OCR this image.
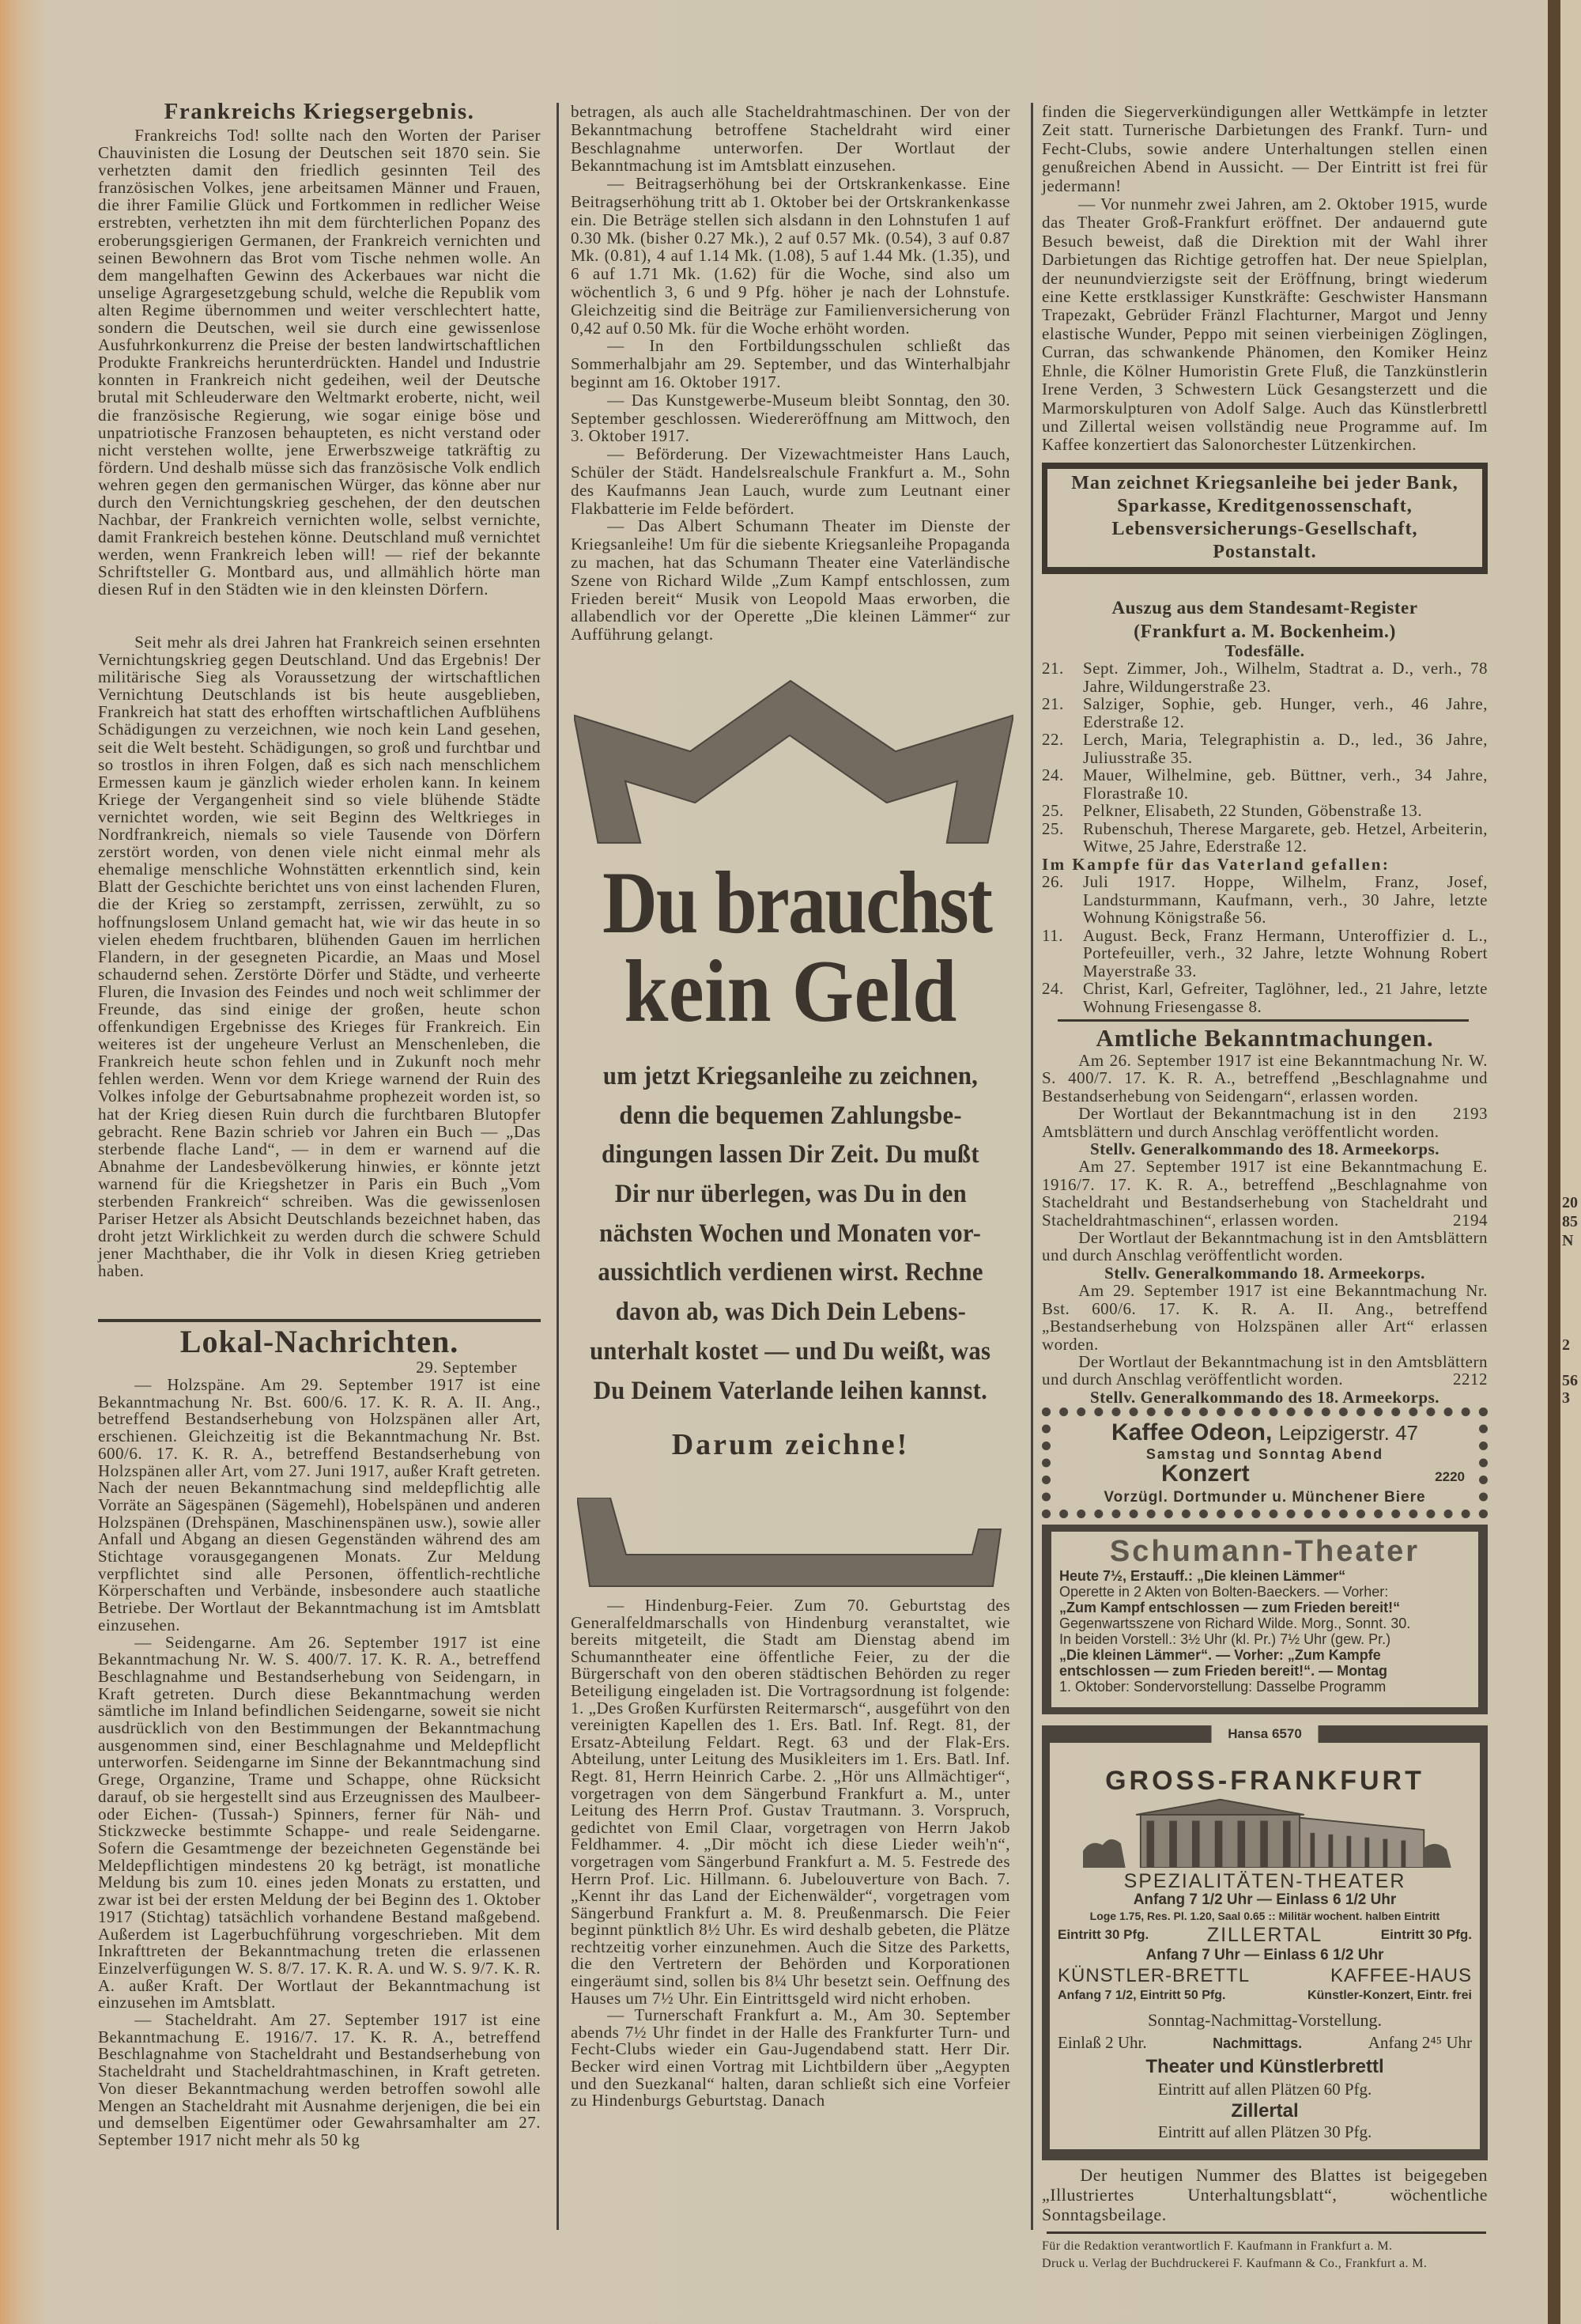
20
85
N
2
56
3
Frankreichs Kriegsergebnis.

Frankreichs Tod! sollte nach den Worten der Pariser Chauvinisten die Losung der Deutschen seit 1870 sein. Sie verhetzten damit den friedlich gesinnten Teil des französischen Volkes, jene arbeitsamen Männer und Frauen, die ihrer Familie Glück und Fortkommen in redlicher Weise erstrebten, verhetzten ihn mit dem fürchterlichen Popanz des eroberungsgierigen Germanen, der Frankreich vernichten und seinen Bewohnern das Brot vom Tische nehmen wolle. An dem mangelhaften Gewinn des Ackerbaues war nicht die unselige Agrargesetzgebung schuld, welche die Republik vom alten Regime übernommen und weiter verschlechtert hatte, sondern die Deutschen, weil sie durch eine gewissenlose Ausfuhrkonkurrenz die Preise der besten landwirtschaftlichen Produkte Frankreichs herunterdrückten. Handel und Industrie konnten in Frankreich nicht gedeihen, weil der Deutsche brutal mit Schleuderware den Weltmarkt eroberte, nicht, weil die französische Regierung, wie sogar einige böse und unpatriotische Franzosen behaupteten, es nicht verstand oder nicht verstehen wollte, jene Erwerbszweige tatkräftig zu fördern. Und deshalb müsse sich das französische Volk endlich wehren gegen den germanischen Würger, das könne aber nur durch den Vernichtungskrieg geschehen, der den deutschen Nachbar, der Frankreich vernichten wolle, selbst vernichte, damit Frankreich bestehen könne. Deutschland muß vernichtet werden, wenn Frankreich leben will! — rief der bekannte Schriftsteller G. Montbard aus, und allmählich hörte man diesen Ruf in den Städten wie in den kleinsten Dörfern.

Seit mehr als drei Jahren hat Frankreich seinen ersehnten Vernichtungskrieg gegen Deutschland. Und das Ergebnis! Der militärische Sieg als Voraussetzung der wirtschaftlichen Vernichtung Deutschlands ist bis heute ausgeblieben, Frankreich hat statt des erhofften wirtschaftlichen Aufblühens Schädigungen zu verzeichnen, wie noch kein Land gesehen, seit die Welt besteht. Schädigungen, so groß und furchtbar und so trostlos in ihren Folgen, daß es sich nach menschlichem Ermessen kaum je gänzlich wieder erholen kann. In keinem Kriege der Vergangenheit sind so viele blühende Städte vernichtet worden, wie seit Beginn des Weltkrieges in Nordfrankreich, niemals so viele Tausende von Dörfern zerstört worden, von denen viele nicht einmal mehr als ehemalige menschliche Wohnstätten erkenntlich sind, kein Blatt der Geschichte berichtet uns von einst lachenden Fluren, die der Krieg so zerstampft, zerrissen, zerwühlt, zu so hoffnungslosem Unland gemacht hat, wie wir das heute in so vielen ehedem fruchtbaren, blühenden Gauen im herrlichen Flandern, in der gesegneten Picardie, an Maas und Mosel schaudernd sehen. Zerstörte Dörfer und Städte, und verheerte Fluren, die Invasion des Feindes und noch weit schlimmer der Freunde, das sind einige der großen, heute schon offenkundigen Ergebnisse des Krieges für Frankreich. Ein weiteres ist der ungeheure Verlust an Menschenleben, die Frankreich heute schon fehlen und in Zukunft noch mehr fehlen werden. Wenn vor dem Kriege warnend der Ruin des Volkes infolge der Geburtsabnahme prophezeit worden ist, so hat der Krieg diesen Ruin durch die furchtbaren Blutopfer gebracht. Rene Bazin schrieb vor Jahren ein Buch — „Das sterbende flache Land“, — in dem er warnend auf die Abnahme der Landesbevölkerung hinwies, er könnte jetzt warnend für die Kriegshetzer in Paris ein Buch „Vom sterbenden Frankreich“ schreiben. Was die gewissenlosen Pariser Hetzer als Absicht Deutschlands bezeichnet haben, das droht jetzt Wirklichkeit zu werden durch die schwere Schuld jener Machthaber, die ihr Volk in diesen Krieg getrieben haben.

Lokal-Nachrichten.
29. September

— Holzspäne. Am 29. September 1917 ist eine Bekanntmachung Nr. Bst. 600/6. 17. K. R. A. II. Ang., betreffend Bestandserhebung von Holzspänen aller Art, erschienen. Gleichzeitig ist die Bekanntmachung Nr. Bst. 600/6. 17. K. R. A., betreffend Bestandserhebung von Holzspänen aller Art, vom 27. Juni 1917, außer Kraft getreten. Nach der neuen Bekanntmachung sind meldepflichtig alle Vorräte an Sägespänen (Sägemehl), Hobelspänen und anderen Holzspänen (Drehspänen, Maschinenspänen usw.), sowie aller Anfall und Abgang an diesen Gegenständen während des am Stichtage vorausgegangenen Monats. Zur Meldung verpflichtet sind alle Personen, öffentlich-rechtliche Körperschaften und Verbände, insbesondere auch staatliche Betriebe. Der Wortlaut der Bekanntmachung ist im Amtsblatt einzusehen.

— Seidengarne. Am 26. September 1917 ist eine Bekanntmachung Nr. W. S. 400/7. 17. K. R. A., betreffend Beschlagnahme und Bestandserhebung von Seidengarn, in Kraft getreten. Durch diese Bekanntmachung werden sämtliche im Inland befindlichen Seidengarne, soweit sie nicht ausdrücklich von den Bestimmungen der Bekanntmachung ausgenommen sind, einer Beschlagnahme und Meldepflicht unterworfen. Seidengarne im Sinne der Bekanntmachung sind Grege, Organzine, Trame und Schappe, ohne Rücksicht darauf, ob sie hergestellt sind aus Erzeugnissen des Maulbeer- oder Eichen- (Tussah-) Spinners, ferner für Näh- und Stickzwecke bestimmte Schappe- und reale Seidengarne. Sofern die Gesamtmenge der bezeichneten Gegenstände bei Meldepflichtigen mindestens 20 kg beträgt, ist monatliche Meldung bis zum 10. eines jeden Monats zu erstatten, und zwar ist bei der ersten Meldung der bei Beginn des 1. Oktober 1917 (Stichtag) tatsächlich vorhandene Bestand maßgebend. Außerdem ist Lagerbuchführung vorgeschrieben. Mit dem Inkrafttreten der Bekanntmachung treten die erlassenen Einzelverfügungen W. S. 8/7. 17. K. R. A. und W. S. 9/7. K. R. A. außer Kraft. Der Wortlaut der Bekanntmachung ist einzusehen im Amtsblatt.

— Stacheldraht. Am 27. September 1917 ist eine Bekanntmachung E. 1916/7. 17. K. R. A., betreffend Beschlagnahme von Stacheldraht und Bestandserhebung von Stacheldraht und Stacheldrahtmaschinen, in Kraft getreten. Von dieser Bekanntmachung werden betroffen sowohl alle Mengen an Stacheldraht mit Ausnahme derjenigen, die bei ein und demselben Eigentümer oder Gewahrsamhalter am 27. September 1917 nicht mehr als 50 kg

betragen, als auch alle Stacheldrahtmaschinen. Der von der Bekanntmachung betroffene Stacheldraht wird einer Beschlagnahme unterworfen. Der Wortlaut der Bekanntmachung ist im Amtsblatt einzusehen.

— Beitragserhöhung bei der Ortskrankenkasse. Eine Beitragserhöhung tritt ab 1. Oktober bei der Ortskrankenkasse ein. Die Beträge stellen sich alsdann in den Lohnstufen 1 auf 0.30 Mk. (bisher 0.27 Mk.), 2 auf 0.57 Mk. (0.54), 3 auf 0.87 Mk. (0.81), 4 auf 1.14 Mk. (1.08), 5 auf 1.44 Mk. (1.35), und 6 auf 1.71 Mk. (1.62) für die Woche, sind also um wöchentlich 3, 6 und 9 Pfg. höher je nach der Lohnstufe. Gleichzeitig sind die Beiträge zur Familienversicherung von 0,42 auf 0.50 Mk. für die Woche erhöht worden.

— In den Fortbildungsschulen schließt das Sommerhalbjahr am 29. September, und das Winterhalbjahr beginnt am 16. Oktober 1917.

— Das Kunstgewerbe-Museum bleibt Sonntag, den 30. September geschlossen. Wiedereröffnung am Mittwoch, den 3. Oktober 1917.

— Beförderung. Der Vizewachtmeister Hans Lauch, Schüler der Städt. Handelsrealschule Frankfurt a. M., Sohn des Kaufmanns Jean Lauch, wurde zum Leutnant einer Flakbatterie im Felde befördert.

— Das Albert Schumann Theater im Dienste der Kriegsanleihe! Um für die siebente Kriegsanleihe Propaganda zu machen, hat das Schumann Theater eine Vaterländische Szene von Richard Wilde „Zum Kampf entschlossen, zum Frieden bereit“ Musik von Leopold Maas erworben, die allabendlich vor der Operette „Die kleinen Lämmer“ zur Aufführung gelangt.

Du brauchst
kein Geld
um jetzt Kriegsanleihe zu zeichnen,
denn die bequemen Zahlungsbe-
dingungen lassen Dir Zeit. Du mußt
Dir nur überlegen, was Du in den
nächsten Wochen und Monaten vor-
aussichtlich verdienen wirst. Rechne
davon ab, was Dich Dein Lebens-
unterhalt kostet — und Du weißt, was
Du Deinem Vaterlande leihen kannst.
Darum zeichne!

— Hindenburg-Feier. Zum 70. Geburtstag des Generalfeldmarschalls von Hindenburg veranstaltet, wie bereits mitgeteilt, die Stadt am Dienstag abend im Schumanntheater eine öffentliche Feier, zu der die Bürgerschaft von den oberen städtischen Behörden zu reger Beteiligung eingeladen ist. Die Vortragsordnung ist folgende: 1. „Des Großen Kurfürsten Reitermarsch“, ausgeführt von den vereinigten Kapellen des 1. Ers. Batl. Inf. Regt. 81, der Ersatz-Abteilung Feldart. Regt. 63 und der Flak-Ers. Abteilung, unter Leitung des Musikleiters im 1. Ers. Batl. Inf. Regt. 81, Herrn Heinrich Carbe. 2. „Hör uns Allmächtiger“, vorgetragen von dem Sängerbund Frankfurt a. M., unter Leitung des Herrn Prof. Gustav Trautmann. 3. Vorspruch, gedichtet von Emil Claar, vorgetragen von Herrn Jakob Feldhammer. 4. „Dir möcht ich diese Lieder weih'n“, vorgetragen vom Sängerbund Frankfurt a. M. 5. Festrede des Herrn Prof. Lic. Hillmann. 6. Jubelouverture von Bach. 7. „Kennt ihr das Land der Eichenwälder“, vorgetragen vom Sängerbund Frankfurt a. M. 8. Preußenmarsch. Die Feier beginnt pünktlich 8½ Uhr. Es wird deshalb gebeten, die Plätze rechtzeitig vorher einzunehmen. Auch die Sitze des Parketts, die den Vertretern der Behörden und Korporationen eingeräumt sind, sollen bis 8¼ Uhr besetzt sein. Oeffnung des Hauses um 7½ Uhr. Ein Eintrittsgeld wird nicht erhoben.

— Turnerschaft Frankfurt a. M., Am 30. September abends 7½ Uhr findet in der Halle des Frankfurter Turn- und Fecht-Clubs wieder ein Gau-Jugendabend statt. Herr Dir. Becker wird einen Vortrag mit Lichtbildern über „Aegypten und den Suezkanal“ halten, daran schließt sich eine Vorfeier zu Hindenburgs Geburtstag. Danach

finden die Siegerverkündigungen aller Wettkämpfe in letzter Zeit statt. Turnerische Darbietungen des Frankf. Turn- und Fecht-Clubs, sowie andere Unterhaltungen stellen einen genußreichen Abend in Aussicht. — Der Eintritt ist frei für jedermann!

— Vor nunmehr zwei Jahren, am 2. Oktober 1915, wurde das Theater Groß-Frankfurt eröffnet. Der andauernd gute Besuch beweist, daß die Direktion mit der Wahl ihrer Darbietungen das Richtige getroffen hat. Der neue Spielplan, der neunundvierzigste seit der Eröffnung, bringt wiederum eine Kette erstklassiger Kunstkräfte: Geschwister Hansmann Trapezakt, Gebrüder Fränzl Flachturner, Margot und Jenny elastische Wunder, Peppo mit seinen vierbeinigen Zöglingen, Curran, das schwankende Phänomen, den Komiker Heinz Ehnle, die Kölner Humoristin Grete Fluß, die Tanzkünstlerin Irene Verden, 3 Schwestern Lück Gesangsterzett und die Marmorskulpturen von Adolf Salge. Auch das Künstlerbrettl und Zillertal weisen vollständig neue Programme auf. Im Kaffee konzertiert das Salonorchester Lützenkirchen.

Man zeichnet Kriegsanleihe bei jeder Bank, Sparkasse, Kreditgenossenschaft, Lebensversicherungs-Gesellschaft, Postanstalt.
Auszug aus dem Standesamt-Register
(Frankfurt a. M. Bockenheim.)
Todesfälle.
21.	Sept. Zimmer, Joh., Wilhelm, Stadtrat a. D., verh., 78 Jahre, Wildungerstraße 23.
21.	Salziger, Sophie, geb. Hunger, verh., 46 Jahre, Ederstraße 12.
22.	Lerch, Maria, Telegraphistin a. D., led., 36 Jahre, Juliusstraße 35.
24.	Mauer, Wilhelmine, geb. Büttner, verh., 34 Jahre, Florastraße 10.
25.	Pelkner, Elisabeth, 22 Stunden, Göbenstraße 13.
25.	Rubenschuh, Therese Margarete, geb. Hetzel, Arbeiterin, Witwe, 25 Jahre, Ederstraße 12.
Im Kampfe für das Vaterland gefallen:
26.	Juli 1917. Hoppe, Wilhelm, Franz, Josef, Landsturmmann, Kaufmann, verh., 30 Jahre, letzte Wohnung Königstraße 56.
11.	August. Beck, Franz Hermann, Unteroffizier d. L., Portefeuiller, verh., 32 Jahre, letzte Wohnung Robert Mayerstraße 33.
24.	Christ, Karl, Gefreiter, Taglöhner, led., 21 Jahre, letzte Wohnung Friesengasse 8.
Amtliche Bekanntmachungen.

Am 26. September 1917 ist eine Bekanntmachung Nr. W. S. 400/7. 17. K. R. A., betreffend „Beschlagnahme und Bestandserhebung von Seidengarn“, erlassen worden.
2193

Der Wortlaut der Bekanntmachung ist in den Amtsblättern und durch Anschlag veröffentlicht worden.

Stellv. Generalkommando des 18. Armeekorps.

Am 27. September 1917 ist eine Bekanntmachung E. 1916/7. 17. K. R. A., betreffend „Beschlagnahme von Stacheldraht und Bestandserhebung von Stacheldraht und Stacheldrahtmaschinen“, erlassen worden.	2194

Der Wortlaut der Bekanntmachung ist in den Amtsblättern und durch Anschlag veröffentlicht worden.

Stellv. Generalkommando 18. Armeekorps.

Am 29. September 1917 ist eine Bekanntmachung Nr. Bst. 600/6. 17. K. R. A. II. Ang., betreffend „Bestandserhebung von Holzspänen aller Art“ erlassen worden.

Der Wortlaut der Bekanntmachung ist in den Amtsblättern und durch Anschlag veröffentlicht worden.	2212

Stellv. Generalkommando des 18. Armeekorps.

Kaffee Odeon, Leipzigerstr. 47
Samstag und Sonntag Abend
Konzert	2220
Vorzügl. Dortmunder u. Münchener Biere
Schumann-Theater
Heute 7½, Erstauff.: „Die kleinen Lämmer“
Operette in 2 Akten von Bolten-Baeckers. — Vorher:
„Zum Kampf entschlossen — zum Frieden bereit!“
Gegenwartsszene von Richard Wilde. Morg., Sonnt. 30.
In beiden Vorstell.: 3½ Uhr (kl. Pr.) 7½ Uhr (gew. Pr.)
„Die kleinen Lämmer“. — Vorher: „Zum Kampfe
entschlossen — zum Frieden bereit!“. — Montag
1. Oktober: Sondervorstellung: Dasselbe Programm
Hansa 6570
GROSS-FRANKFURT
SPEZIALITÄTEN-THEATER
Anfang 7 1/2 Uhr — Einlass 6 1/2 Uhr
Loge 1.75, Res. Pl. 1.20, Saal 0.65 :: Militär wochent. halben Eintritt
Eintritt 30 Pfg.	ZILLERTAL	Eintritt 30 Pfg.
Anfang 7 Uhr — Einlass 6 1/2 Uhr
KÜNSTLER-BRETTL	KAFFEE-HAUS
Anfang 7 1/2, Eintritt 50 Pfg.	Künstler-Konzert, Eintr. frei
Sonntag-Nachmittag-Vorstellung.
Einlaß 2 Uhr.	Nachmittags.	Anfang 2⁴⁵ Uhr
Theater und Künstlerbrettl
Eintritt auf allen Plätzen 60 Pfg.
Zillertal
Eintritt auf allen Plätzen 30 Pfg.

Der heutigen Nummer des Blattes ist beigegeben „Illustriertes Unterhaltungsblatt“, wöchentliche Sonntagsbeilage.

Für die Redaktion verantwortlich F. Kaufmann in Frankfurt a. M.
Druck u. Verlag der Buchdruckerei F. Kaufmann & Co., Frankfurt a. M.
